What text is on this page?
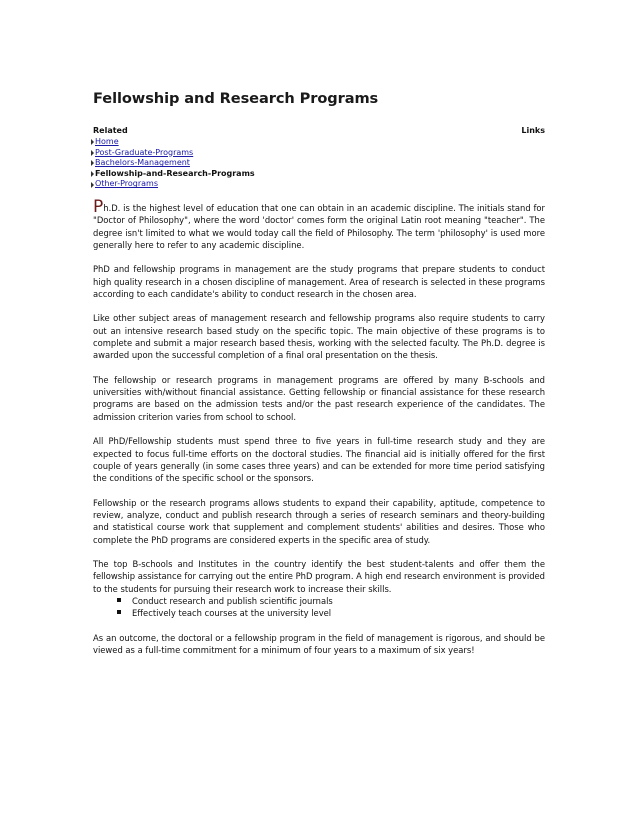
Fellowship and Research Programs
Related	Links
Home
Post-Graduate-Programs
Bachelors-Management
Fellowship-and-Research-Programs
Other-Programs

Ph.D. is the highest level of education that one can obtain in an academic discipline. The initials stand for "Doctor of Philosophy", where the word 'doctor' comes form the original Latin root meaning "teacher". The degree isn't limited to what we would today call the field of Philosophy. The term 'philosophy' is used more generally here to refer to any academic discipline.

PhD and fellowship programs in management are the study programs that prepare students to conduct high quality research in a chosen discipline of management. Area of research is selected in these programs according to each candidate's ability to conduct research in the chosen area.

Like other subject areas of management research and fellowship programs also require students to carry out an intensive research based study on the specific topic. The main objective of these programs is to complete and submit a major research based thesis, working with the selected faculty. The Ph.D. degree is awarded upon the successful completion of a final oral presentation on the thesis.

The fellowship or research programs in management programs are offered by many B-schools and universities with/without financial assistance. Getting fellowship or financial assistance for these research programs are based on the admission tests and/or the past research experience of the candidates. The admission criterion varies from school to school.

All PhD/Fellowship students must spend three to five years in full-time research study and they are expected to focus full-time efforts on the doctoral studies. The financial aid is initially offered for the first couple of years generally (in some cases three years) and can be extended for more time period satisfying the conditions of the specific school or the sponsors.

Fellowship or the research programs allows students to expand their capability, aptitude, competence to review, analyze, conduct and publish research through a series of research seminars and theory-building and statistical course work that supplement and complement students' abilities and desires. Those who complete the PhD programs are considered experts in the specific area of study.

The top B-schools and Institutes in the country identify the best student-talents and offer them the fellowship assistance for carrying out the entire PhD program. A high end research environment is provided to the students for pursuing their research work to increase their skills.

Conduct research and publish scientific journals
Effectively teach courses at the university level

As an outcome, the doctoral or a fellowship program in the field of management is rigorous, and should be viewed as a full-time commitment for a minimum of four years to a maximum of six years!
